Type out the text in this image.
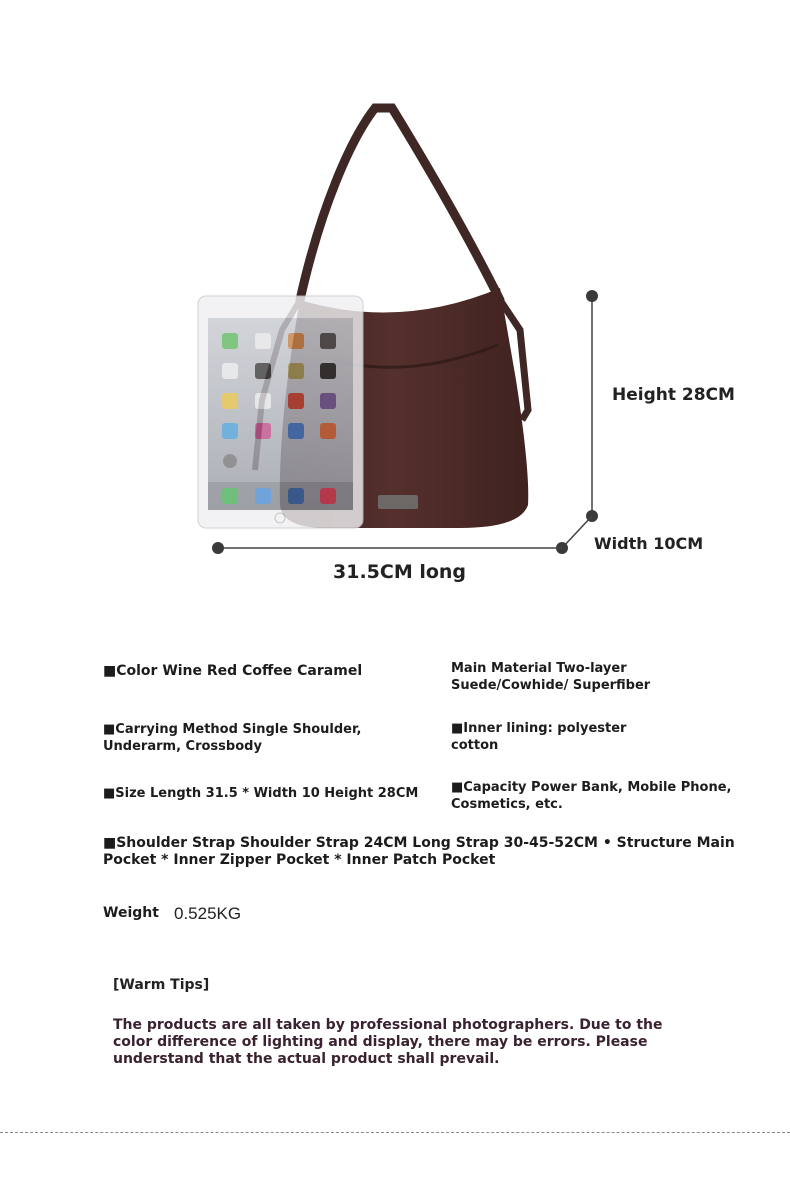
Height 28CM
Width 10CM
31.5CM long
■Color Wine Red Coffee Caramel	Main Material Two-layer Suede/Cowhide/ Superfiber
■Carrying Method Single Shoulder, Underarm, Crossbody
■Inner lining: polyester cotton
■Size Length 31.5 * Width 10 Height 28CM	■Capacity Power Bank, Mobile Phone, Cosmetics, etc.
■Shoulder Strap Shoulder Strap 24CM Long Strap 30-45-52CM • Structure Main Pocket * Inner Zipper Pocket * Inner Patch Pocket
Weight 0.525KG
[Warm Tips]
The products are all taken by professional photographers. Due to the color difference of lighting and display, there may be errors. Please understand that the actual product shall prevail.
